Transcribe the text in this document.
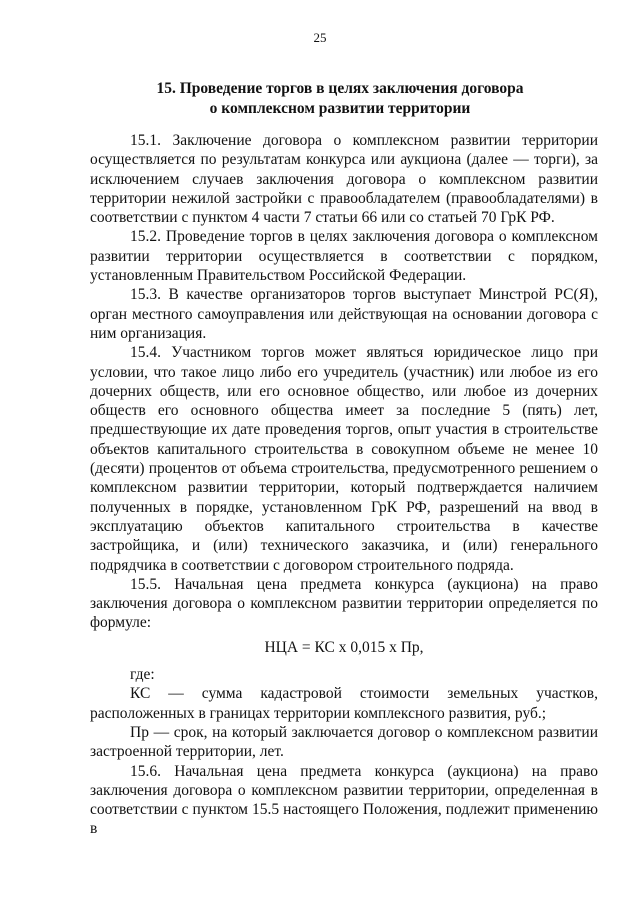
25
15. Проведение торгов в целях заключения договора
о комплексном развитии территории

15.1. Заключение договора о комплексном развитии территории осуществляется по результатам конкурса или аукциона (далее — торги), за исключением случаев заключения договора о комплексном развитии территории нежилой застройки с правообладателем (правообладателями) в соответствии с пунктом 4 части 7 статьи 66 или со статьей 70 ГрК РФ.

15.2. Проведение торгов в целях заключения договора о комплексном развитии территории осуществляется в соответствии с порядком, установленным Правительством Российской Федерации.

15.3. В качестве организаторов торгов выступает Минстрой РС(Я), орган местного самоуправления или действующая на основании договора с ним организация.

15.4. Участником торгов может являться юридическое лицо при условии, что такое лицо либо его учредитель (участник) или любое из его дочерних обществ, или его основное общество, или любое из дочерних обществ его основного общества имеет за последние 5 (пять) лет, предшествующие их дате проведения торгов, опыт участия в строительстве объектов капитального строительства в совокупном объеме не менее 10 (десяти) процентов от объема строительства, предусмотренного решением о комплексном развитии территории, который подтверждается наличием полученных в порядке, установленном ГрК РФ, разрешений на ввод в эксплуатацию объектов капитального строительства в качестве застройщика, и (или) технического заказчика, и (или) генерального подрядчика в соответствии с договором строительного подряда.

15.5. Начальная цена предмета конкурса (аукциона) на право заключения договора о комплексном развитии территории определяется по формуле:

НЦА = КС х 0,015 х Пр,

где:

КС — сумма кадастровой стоимости земельных участков, расположенных в границах территории комплексного развития, руб.;

Пр — срок, на который заключается договор о комплексном развитии застроенной территории, лет.

15.6. Начальная цена предмета конкурса (аукциона) на право заключения договора о комплексном развитии территории, определенная в соответствии с пунктом 15.5 настоящего Положения, подлежит применению в
